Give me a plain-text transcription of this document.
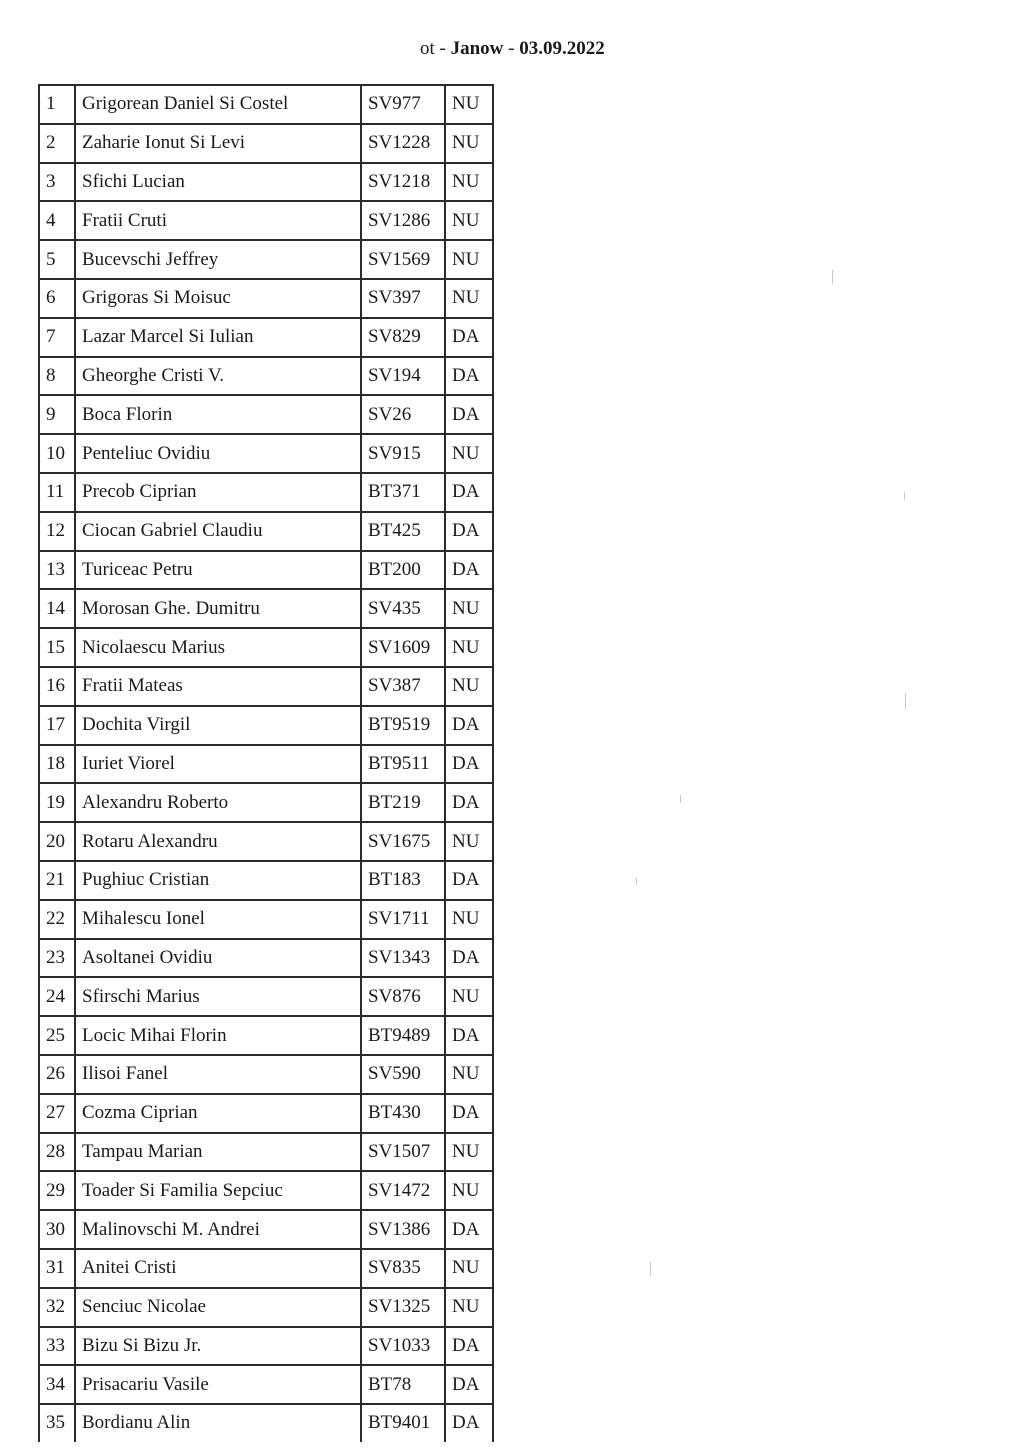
ot - Janow - 03.09.2022
1	Grigorean Daniel Si Costel	SV977	NU
2	Zaharie Ionut Si Levi	SV1228	NU
3	Sfichi Lucian	SV1218	NU
4	Fratii Cruti	SV1286	NU
5	Bucevschi Jeffrey	SV1569	NU
6	Grigoras Si Moisuc	SV397	NU
7	Lazar Marcel Si Iulian	SV829	DA
8	Gheorghe Cristi V.	SV194	DA
9	Boca Florin	SV26	DA
10	Penteliuc Ovidiu	SV915	NU
11	Precob Ciprian	BT371	DA
12	Ciocan Gabriel Claudiu	BT425	DA
13	Turiceac Petru	BT200	DA
14	Morosan Ghe. Dumitru	SV435	NU
15	Nicolaescu Marius	SV1609	NU
16	Fratii Mateas	SV387	NU
17	Dochita Virgil	BT9519	DA
18	Iuriet Viorel	BT9511	DA
19	Alexandru Roberto	BT219	DA
20	Rotaru Alexandru	SV1675	NU
21	Pughiuc Cristian	BT183	DA
22	Mihalescu Ionel	SV1711	NU
23	Asoltanei Ovidiu	SV1343	DA
24	Sfirschi Marius	SV876	NU
25	Locic Mihai Florin	BT9489	DA
26	Ilisoi Fanel	SV590	NU
27	Cozma Ciprian	BT430	DA
28	Tampau Marian	SV1507	NU
29	Toader Si Familia Sepciuc	SV1472	NU
30	Malinovschi M. Andrei	SV1386	DA
31	Anitei Cristi	SV835	NU
32	Senciuc Nicolae	SV1325	NU
33	Bizu Si Bizu Jr.	SV1033	DA
34	Prisacariu Vasile	BT78	DA
35	Bordianu Alin	BT9401	DA
